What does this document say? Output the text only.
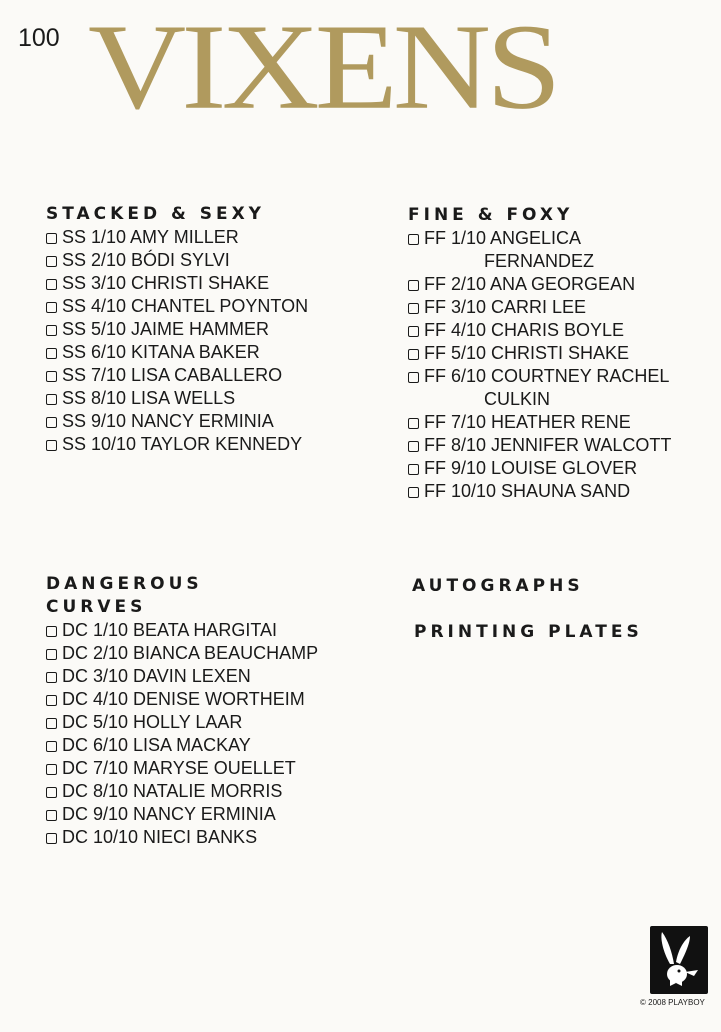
100 VIXENS
STACKED & SEXY
SS 1/10 AMY MILLER
SS 2/10 BÓDI SYLVI
SS 3/10 CHRISTI SHAKE
SS 4/10 CHANTEL POYNTON
SS 5/10 JAIME HAMMER
SS 6/10 KITANA BAKER
SS 7/10 LISA CABALLERO
SS 8/10 LISA WELLS
SS 9/10 NANCY ERMINIA
SS 10/10 TAYLOR KENNEDY
FINE & FOXY
FF 1/10 ANGELICA
FERNANDEZ
FF 2/10 ANA GEORGEAN
FF 3/10 CARRI LEE
FF 4/10 CHARIS BOYLE
FF 5/10 CHRISTI SHAKE
FF 6/10 COURTNEY RACHEL
CULKIN
FF 7/10 HEATHER RENE
FF 8/10 JENNIFER WALCOTT
FF 9/10 LOUISE GLOVER
FF 10/10 SHAUNA SAND
DANGEROUS
CURVES
DC 1/10 BEATA HARGITAI
DC 2/10 BIANCA BEAUCHAMP
DC 3/10 DAVIN LEXEN
DC 4/10 DENISE WORTHEIM
DC 5/10 HOLLY LAAR
DC 6/10 LISA MACKAY
DC 7/10 MARYSE OUELLET
DC 8/10 NATALIE MORRIS
DC 9/10 NANCY ERMINIA
DC 10/10 NIECI BANKS
AUTOGRAPHS
PRINTING PLATES
© 2008 PLAYBOY
